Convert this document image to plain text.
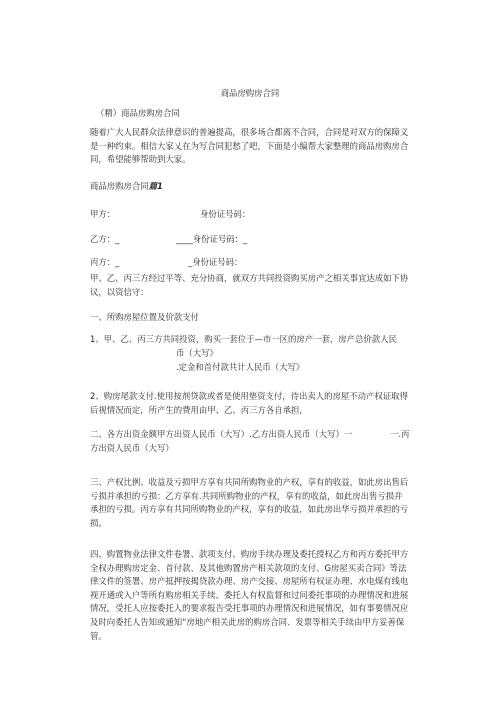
商品房购房合同
（精）商品房购房合同
随着广大人民群众法律意识的普遍提高，很多场合都离不合同，合同是对双方的保障义是一种约束。相信大家乂在为写合同犯愁了吧，下面是小编帮大家整理的商品房购房合同，希望能够帮助到大家。
商品房购房合同篇1
甲方：	身份证号码：
乙方：_	____身份证号码：_
丙方：_	_身份证号码：
甲、乙、丙三方经过平等、充分协商，就双方共同投资购买房产之相关事宜达成如下协议，以资信守：
一、所购房屋位置及价款支付
1、甲、乙、丙三方共同投资，购买一套位于—市一区的房产一套，房产总价款人民
币（大写》
.定金和首付款共计人民币（大写》
2、购房尾款支付.使用按剂贷款或者是使用垫资支付，待出卖人的房屋不动产权证取得后视情况而定，所产生的费用由甲、乙、丙三方各自承担，
二、各方出资金额甲方出资人民币（大写）.乙方出资人民币（大写）一	一.丙
方出资人民币（大写）
三、产权比例、收益及亏损甲方享有共同所购物业的产权，享有的收益，如此房出售后亏损并承担的亏损：乙方享有.共同所购物业的产权，享有的收益，如此房出售亏损并承担的亏损。丙方享有共同所购物业的产权，享有的收益，如此房出华亏损并承担的亏损。
四、购置物业法律文件卷署、款项支付、购房手续办理及委托授权乙方和丙方委托甲方全权办理购房定金、首付款、及其他购置房产相关款项的支付、G房屋买卖合同》等法律文件的签署、房产抵押按揭贷款办理、房产交接、房屋所有权证办理、水电煤有线电视开通或入户等所有购房相关手续。委托人有权监督和过问委托事项的办理情况和进展情况，受托人应按委托人的要求报告受托事项的办理情况和进展情况，如有事要情况应及时向委托人告知或通知“房地产相关此房的购房合同、发票等相关手续由甲方妥善保管。
